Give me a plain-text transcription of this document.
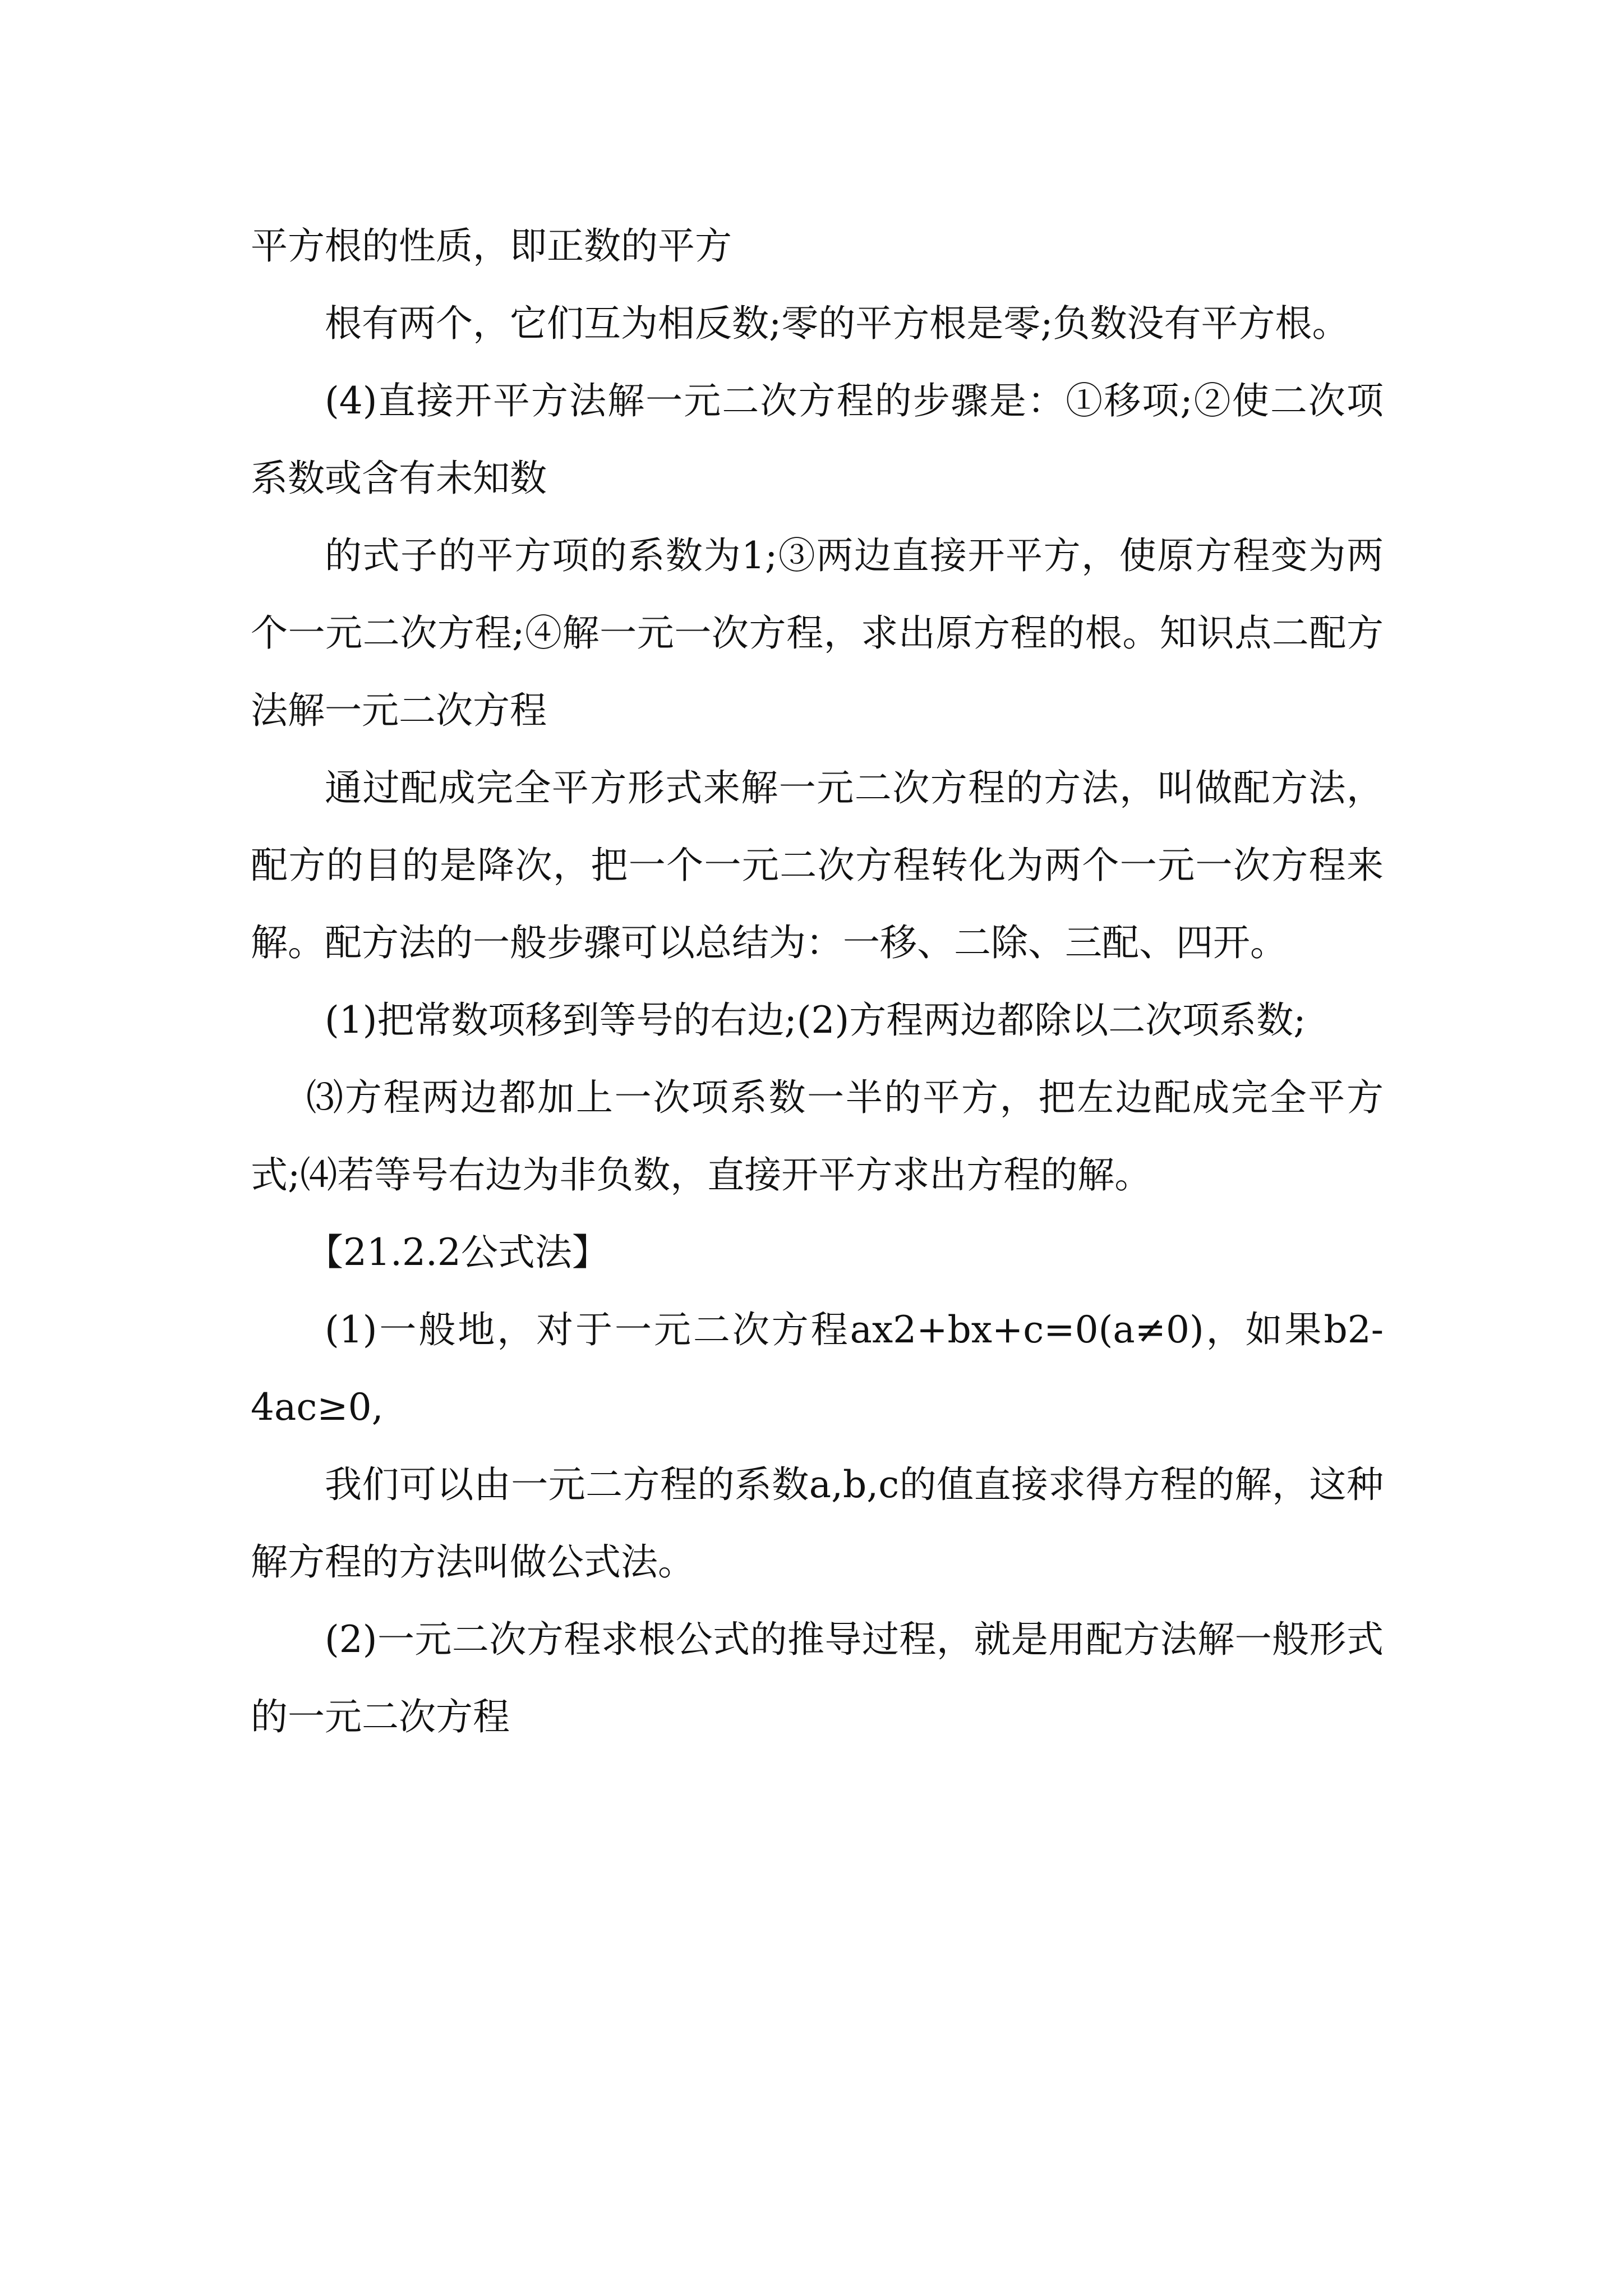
平方根的性质，即正数的平方

根有两个，它们互为相反数;零的平方根是零;负数没有平方根。

(4)直接开平方法解一元二次方程的步骤是：①移项;②使二次项系数或含有未知数

的式子的平方项的系数为1;③两边直接开平方，使原方程变为两个一元二次方程;④解一元一次方程，求出原方程的根。知识点二配方法解一元二次方程

通过配成完全平方形式来解一元二次方程的方法，叫做配方法，配方的目的是降次，把一个一元二次方程转化为两个一元一次方程来解。配方法的一般步骤可以总结为：一移、二除、三配、四开。

(1)把常数项移到等号的右边;(2)方程两边都除以二次项系数;

⑶方程两边都加上一次项系数一半的平方，把左边配成完全平方式;⑷若等号右边为非负数，直接开平方求出方程的解。

【21.2.2公式法】

(1)一般地，对于一元二次方程ax2+bx+c=0(a≠0)，如果b2-4ac≥0,

我们可以由一元二方程的系数a,b,c的值直接求得方程的解，这种解方程的方法叫做公式法。

(2)一元二次方程求根公式的推导过程，就是用配方法解一般形式的一元二次方程
